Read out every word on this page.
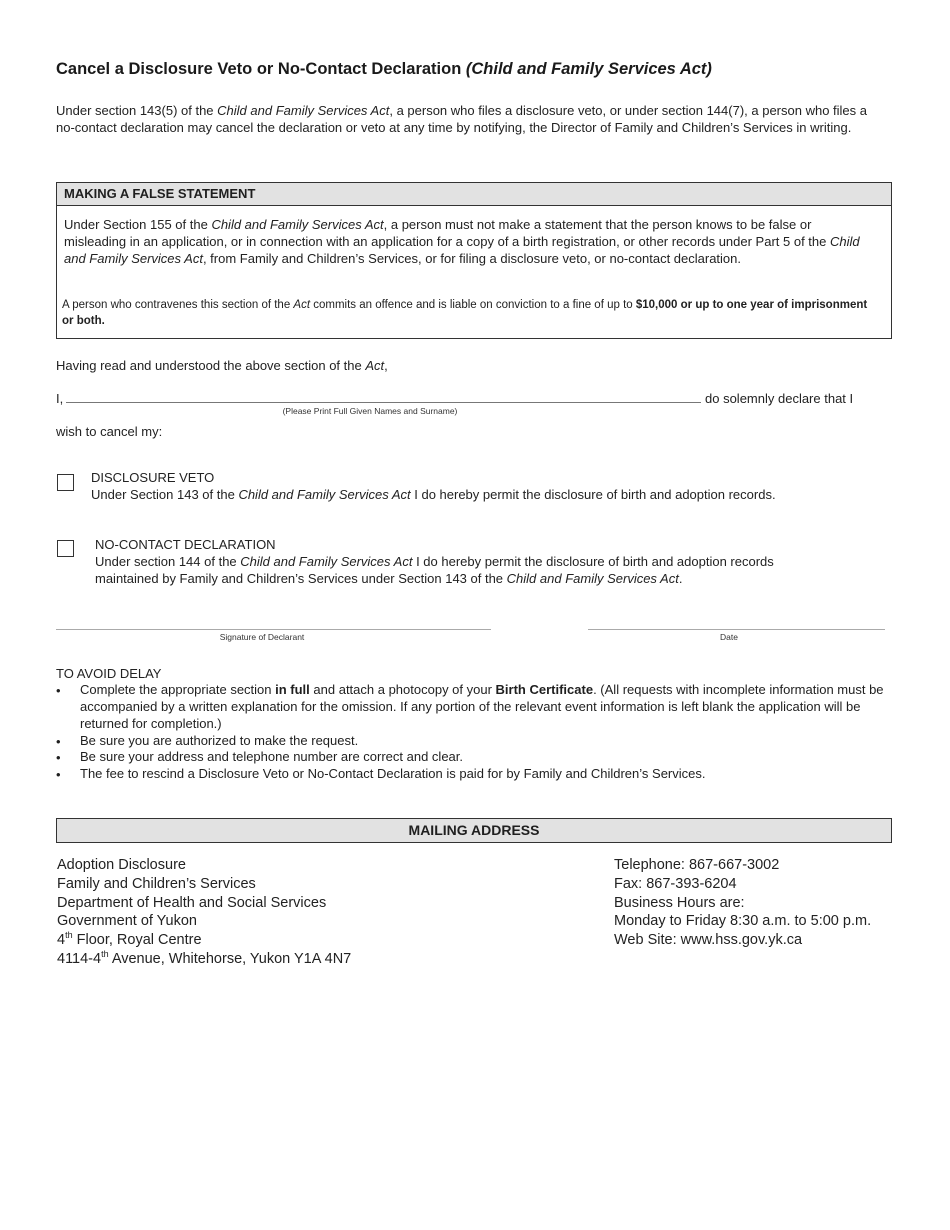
Cancel a Disclosure Veto or No-Contact Declaration (Child and Family Services Act)
Under section 143(5) of the Child and Family Services Act, a person who files a disclosure veto, or under section 144(7), a person who files a no-contact declaration may cancel the declaration or veto at any time by notifying, the Director of Family and Children’s Services in writing.
MAKING A FALSE STATEMENT
Under Section 155 of the Child and Family Services Act, a person must not make a statement that the person knows to be false or misleading in an application, or in connection with an application for a copy of a birth registration, or other records under Part 5 of the Child and Family Services Act, from Family and Children’s Services, or for filing a disclosure veto, or no-contact declaration.
A person who contravenes this section of the Act commits an offence and is liable on conviction to a fine of up to $10,000 or up to one year of imprisonment or both.
Having read and understood the above section of the Act,
I,	do solemnly declare that I
(Please Print Full Given Names and Surname)
wish to cancel my:
DISCLOSURE VETO
Under Section 143 of the Child and Family Services Act I do hereby permit the disclosure of birth and adoption records.
NO-CONTACT DECLARATION
Under section 144 of the Child and Family Services Act I do hereby permit the disclosure of birth and adoption records maintained by Family and Children’s Services under Section 143 of the Child and Family Services Act.
Signature of Declarant	Date
TO AVOID DELAY
• Complete the appropriate section in full and attach a photocopy of your Birth Certificate. (All requests with incomplete information must be accompanied by a written explanation for the omission. If any portion of the relevant event information is left blank the application will be returned for completion.)
• Be sure you are authorized to make the request.
• Be sure your address and telephone number are correct and clear.
• The fee to rescind a Disclosure Veto or No-Contact Declaration is paid for by Family and Children’s Services.
MAILING ADDRESS
Adoption Disclosure
Family and Children’s Services
Department of Health and Social Services
Government of Yukon
4th Floor, Royal Centre
4114-4th Avenue, Whitehorse, Yukon Y1A 4N7
Telephone: 867-667-3002
Fax: 867-393-6204
Business Hours are:
Monday to Friday 8:30 a.m. to 5:00 p.m.
Web Site: www.hss.gov.yk.ca
